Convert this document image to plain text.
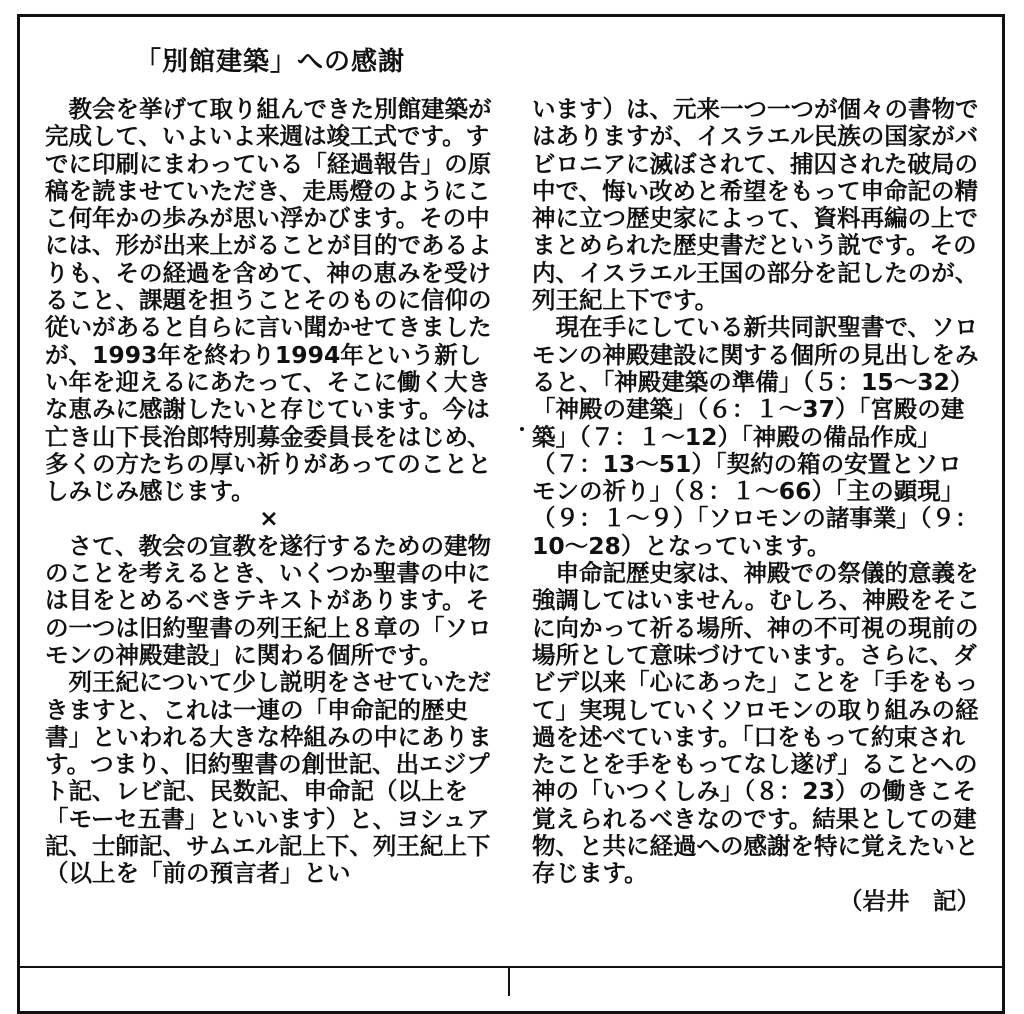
「別館建築」への感謝

教会を挙げて取り組んできた別館建築が完成して、いよいよ来週は竣工式です。すでに印刷にまわっている「経過報告」の原稿を読ませていただき、走馬燈のようにここ何年かの歩みが思い浮かびます。その中には、形が出来上がることが目的であるよりも、その経過を含めて、神の恵みを受けること、課題を担うことそのものに信仰の従いがあると自らに言い聞かせてきましたが、1993年を終わり1994年という新しい年を迎えるにあたって、そこに働く大きな恵みに感謝したいと存じています。今は亡き山下長治郎特別募金委員長をはじめ、多くの方たちの厚い祈りがあってのこととしみじみ感じます。

×

さて、教会の宣教を遂行するための建物のことを考えるとき、いくつか聖書の中には目をとめるべきテキストがあります。その一つは旧約聖書の列王紀上８章の「ソロモンの神殿建設」に関わる個所です。

列王紀について少し説明をさせていただきますと、これは一連の「申命記的歴史書」といわれる大きな枠組みの中にあります。つまり、旧約聖書の創世記、出エジプト記、レビ記、民数記、申命記（以上を「モーセ五書」といいます）と、ヨシュア記、士師記、サムエル記上下、列王紀上下（以上を「前の預言者」とい

います）は、元来一つ一つが個々の書物ではありますが、イスラエル民族の国家がバビロニアに滅ぼされて、捕囚された破局の中で、悔い改めと希望をもって申命記の精神に立つ歴史家によって、資料再編の上でまとめられた歴史書だという説です。その内、イスラエル王国の部分を記したのが、列王紀上下です。

現在手にしている新共同訳聖書で、ソロモンの神殿建設に関する個所の見出しをみると、「神殿建築の準備」（５：15〜32）「神殿の建築」（６：１〜37）「宮殿の建築」（７：１〜12）「神殿の備品作成」（７：13〜51）「契約の箱の安置とソロモンの祈り」（８：１〜66）「主の顕現」（９：１〜９）「ソロモンの諸事業」（９：10〜28）となっています。

申命記歴史家は、神殿での祭儀的意義を強調してはいません。むしろ、神殿をそこに向かって祈る場所、神の不可視の現前の場所として意味づけています。さらに、ダビデ以来「心にあった」ことを「手をもって」実現していくソロモンの取り組みの経過を述べています。「口をもって約束されたことを手をもってなし遂げ」ることへの神の「いつくしみ」（８：23）の働きこそ覚えられるべきなのです。結果としての建物、と共に経過への感謝を特に覚えたいと存じます。

（岩井　記）
